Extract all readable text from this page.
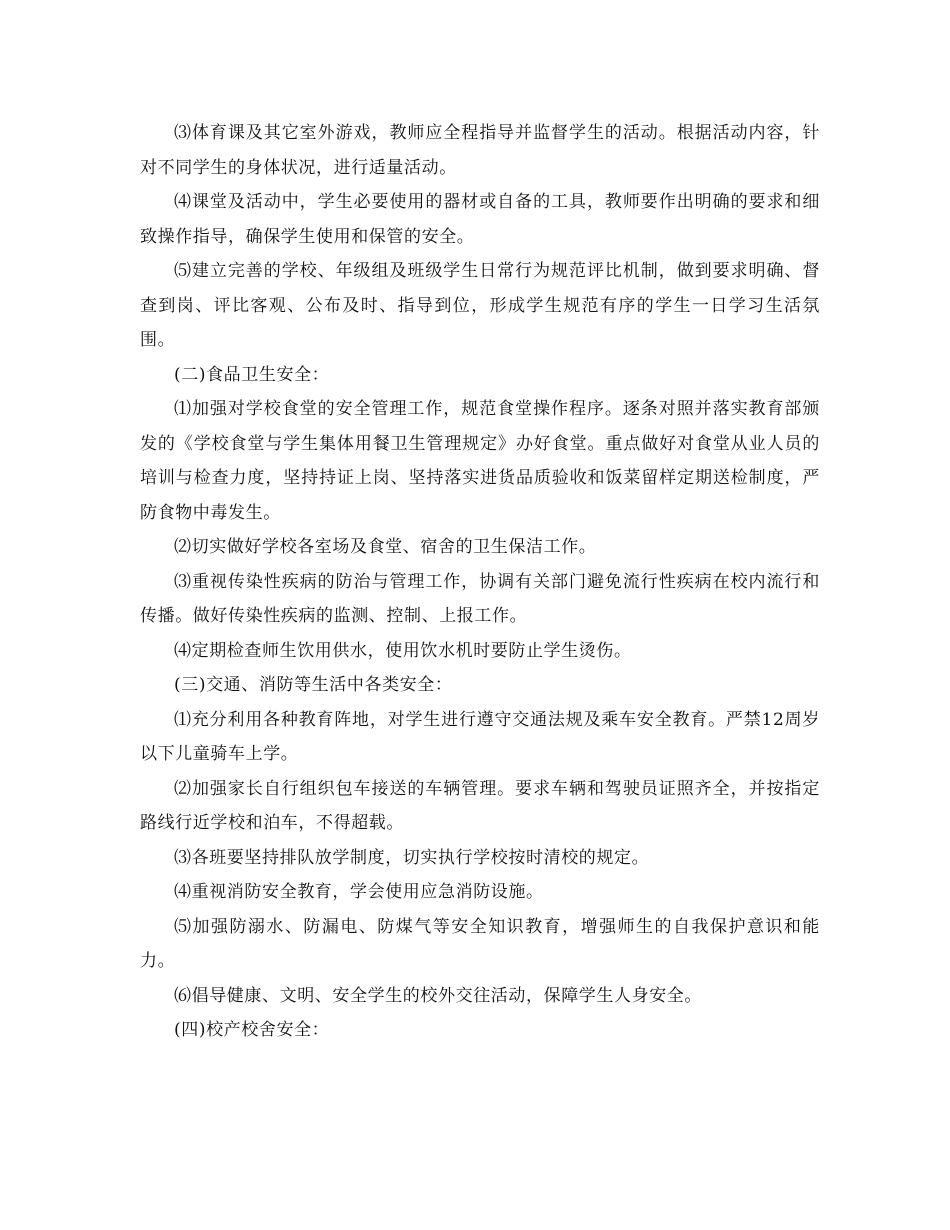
⑶体育课及其它室外游戏，教师应全程指导并监督学生的活动。根据活动内容，针对不同学生的身体状况，进行适量活动。

⑷课堂及活动中，学生必要使用的器材或自备的工具，教师要作出明确的要求和细致操作指导，确保学生使用和保管的安全。

⑸建立完善的学校、年级组及班级学生日常行为规范评比机制，做到要求明确、督查到岗、评比客观、公布及时、指导到位，形成学生规范有序的学生一日学习生活氛围。

(二)食品卫生安全：

⑴加强对学校食堂的安全管理工作，规范食堂操作程序。逐条对照并落实教育部颁发的《学校食堂与学生集体用餐卫生管理规定》办好食堂。重点做好对食堂从业人员的培训与检查力度，坚持持证上岗、坚持落实进货品质验收和饭菜留样定期送检制度，严防食物中毒发生。

⑵切实做好学校各室场及食堂、宿舍的卫生保洁工作。

⑶重视传染性疾病的防治与管理工作，协调有关部门避免流行性疾病在校内流行和传播。做好传染性疾病的监测、控制、上报工作。

⑷定期检查师生饮用供水，使用饮水机时要防止学生烫伤。

(三)交通、消防等生活中各类安全：

⑴充分利用各种教育阵地，对学生进行遵守交通法规及乘车安全教育。严禁12周岁以下儿童骑车上学。

⑵加强家长自行组织包车接送的车辆管理。要求车辆和驾驶员证照齐全，并按指定路线行近学校和泊车，不得超载。

⑶各班要坚持排队放学制度，切实执行学校按时清校的规定。

⑷重视消防安全教育，学会使用应急消防设施。

⑸加强防溺水、防漏电、防煤气等安全知识教育，增强师生的自我保护意识和能力。

⑹倡导健康、文明、安全学生的校外交往活动，保障学生人身安全。

(四)校产校舍安全：
